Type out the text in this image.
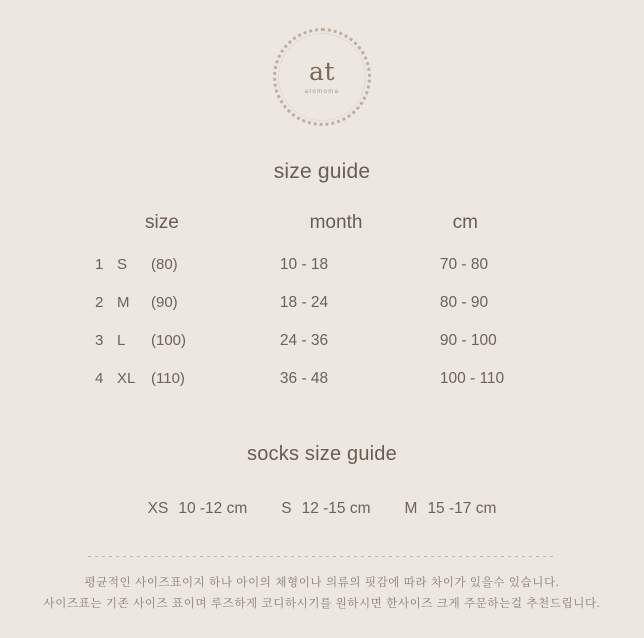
at
atomoma
size guide
size	month	cm
1 S	(80)	10 - 18	70 - 80
2 M	(90)	18 - 24	80 - 90
3 L	(100)	24 - 36	90 - 100
4 XL	(110)	36 - 48	100 - 110
socks size guide
XS 10 -12 cm S 12 -15 cm M 15 -17 cm
평균적인 사이즈표이지 하나 아이의 체형이나 의류의 핏감에 따라 차이가 있을수 있습니다.
사이즈표는 기존 사이즈 표이며 루즈하게 코디하시기를 원하시면 한사이즈 크게 주문하는걸 추천드립니다.
